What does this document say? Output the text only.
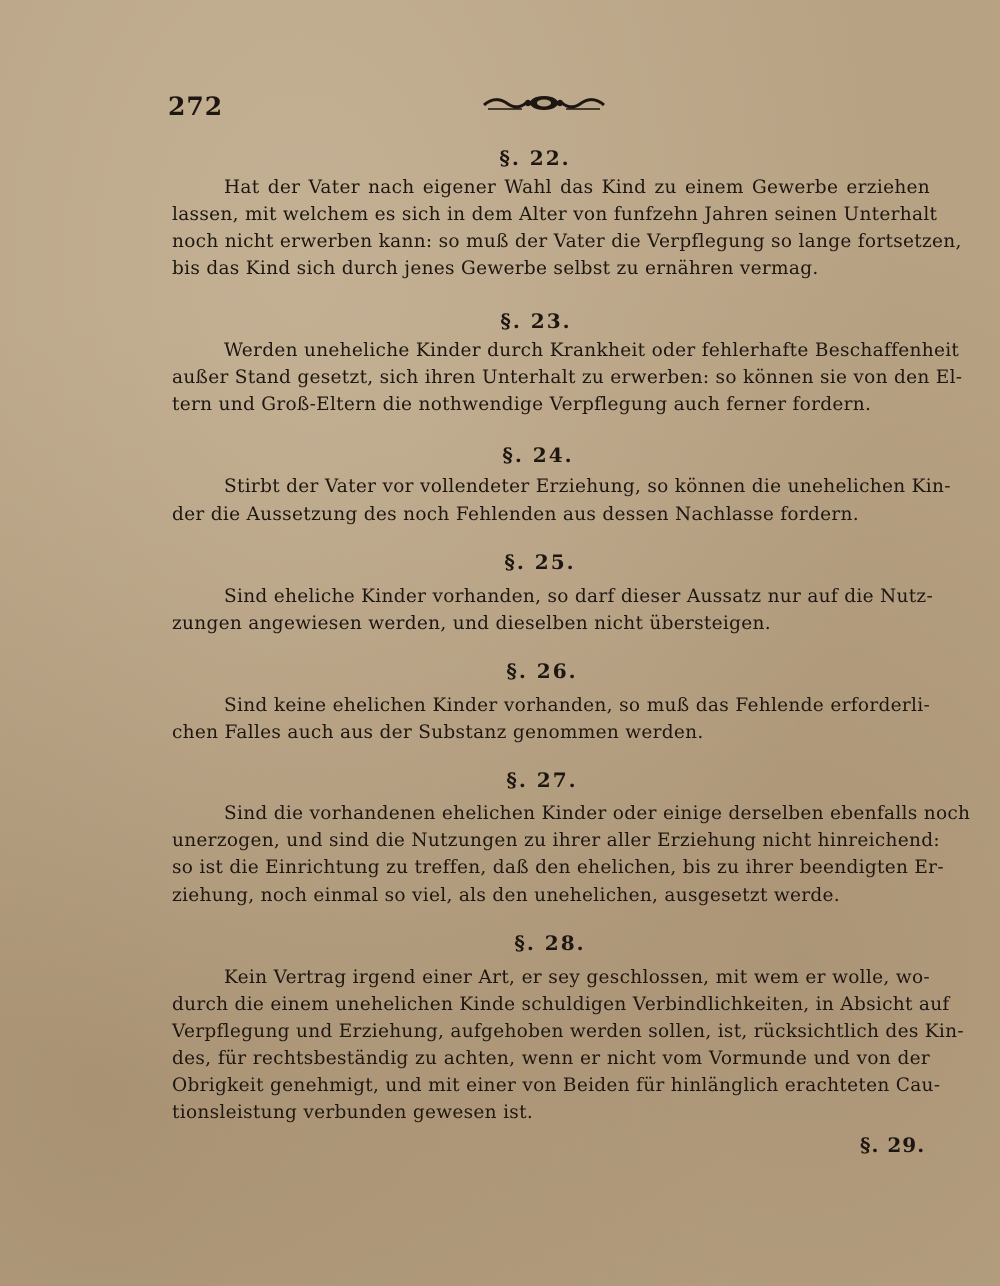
272
§. 22.
Hat der Vater nach eigener Wahl das Kind zu einem Gewerbe erziehen
lassen, mit welchem es sich in dem Alter von funfzehn Jahren seinen Unterhalt
noch nicht erwerben kann: so muß der Vater die Verpflegung so lange fortsetzen,
bis das Kind sich durch jenes Gewerbe selbst zu ernähren vermag.
§. 23.
Werden uneheliche Kinder durch Krankheit oder fehlerhafte Beschaffenheit
außer Stand gesetzt, sich ihren Unterhalt zu erwerben: so können sie von den El-
tern und Groß-Eltern die nothwendige Verpflegung auch ferner fordern.
§. 24.
Stirbt der Vater vor vollendeter Erziehung, so können die unehelichen Kin-
der die Aussetzung des noch Fehlenden aus dessen Nachlasse fordern.
§. 25.
Sind eheliche Kinder vorhanden, so darf dieser Aussatz nur auf die Nutz-
zungen angewiesen werden, und dieselben nicht übersteigen.
§. 26.
Sind keine ehelichen Kinder vorhanden, so muß das Fehlende erforderli-
chen Falles auch aus der Substanz genommen werden.
§. 27.
Sind die vorhandenen ehelichen Kinder oder einige derselben ebenfalls noch
unerzogen, und sind die Nutzungen zu ihrer aller Erziehung nicht hinreichend:
so ist die Einrichtung zu treffen, daß den ehelichen, bis zu ihrer beendigten Er-
ziehung, noch einmal so viel, als den unehelichen, ausgesetzt werde.
§. 28.
Kein Vertrag irgend einer Art, er sey geschlossen, mit wem er wolle, wo-
durch die einem unehelichen Kinde schuldigen Verbindlichkeiten, in Absicht auf
Verpflegung und Erziehung, aufgehoben werden sollen, ist, rücksichtlich des Kin-
des, für rechtsbeständig zu achten, wenn er nicht vom Vormunde und von der
Obrigkeit genehmigt, und mit einer von Beiden für hinlänglich erachteten Cau-
tionsleistung verbunden gewesen ist.
§. 29.
